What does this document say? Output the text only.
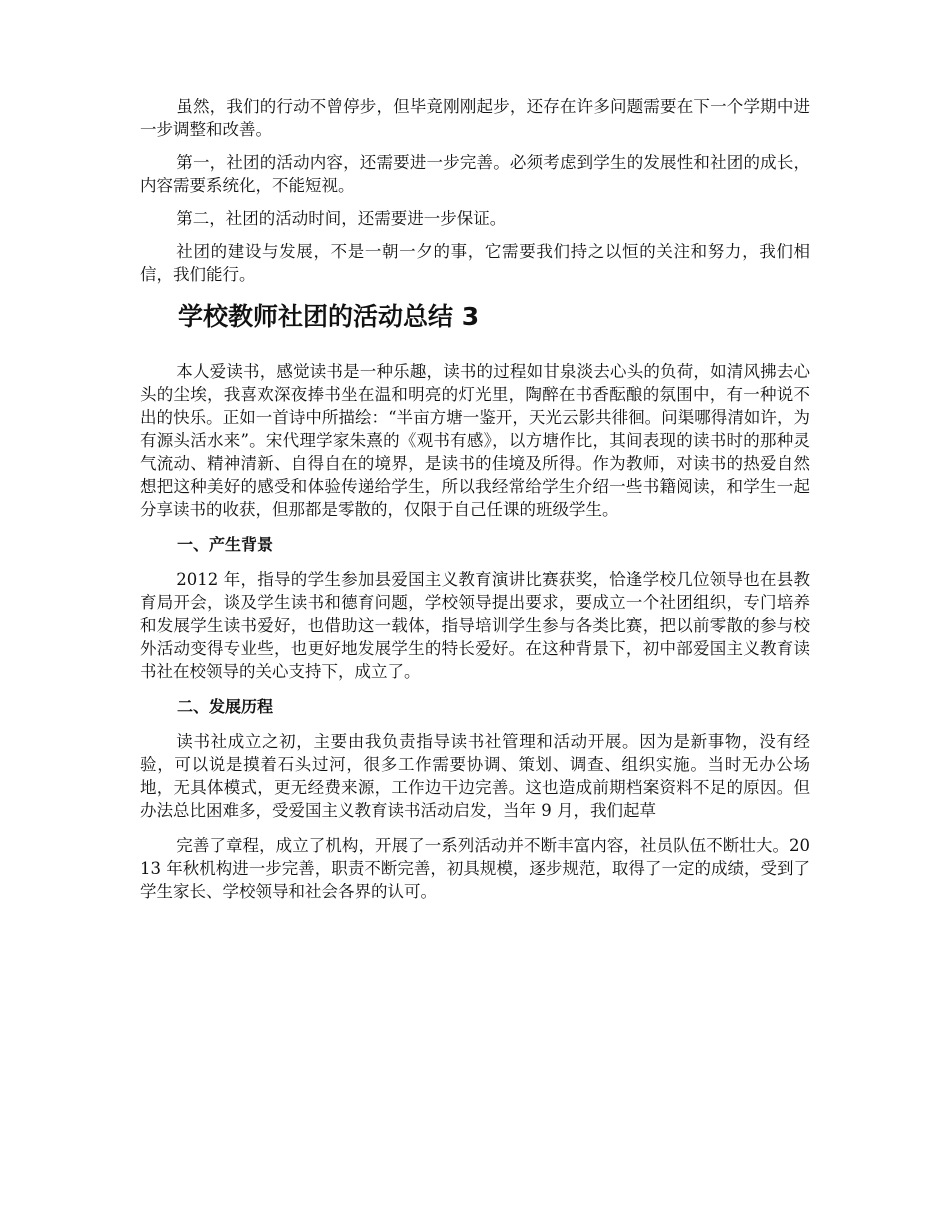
虽然，我们的行动不曾停步，但毕竟刚刚起步，还存在许多问题需要在下一个学期中进一步调整和改善。

第一，社团的活动内容，还需要进一步完善。必须考虑到学生的发展性和社团的成长，内容需要系统化，不能短视。

第二，社团的活动时间，还需要进一步保证。

社团的建设与发展，不是一朝一夕的事，它需要我们持之以恒的关注和努力，我们相信，我们能行。

学校教师社团的活动总结 3

本人爱读书，感觉读书是一种乐趣，读书的过程如甘泉淡去心头的负荷，如清风拂去心头的尘埃，我喜欢深夜捧书坐在温和明亮的灯光里，陶醉在书香酝酿的氛围中，有一种说不出的快乐。正如一首诗中所描绘：“半亩方塘一鉴开，天光云影共徘徊。问渠哪得清如许，为有源头活水来”。宋代理学家朱熹的《观书有感》，以方塘作比，其间表现的读书时的那种灵气流动、精神清新、自得自在的境界，是读书的佳境及所得。作为教师，对读书的热爱自然想把这种美好的感受和体验传递给学生，所以我经常给学生介绍一些书籍阅读，和学生一起分享读书的收获，但那都是零散的，仅限于自己任课的班级学生。

一、产生背景

2012 年，指导的学生参加县爱国主义教育演讲比赛获奖，恰逢学校几位领导也在县教育局开会，谈及学生读书和德育问题，学校领导提出要求，要成立一个社团组织，专门培养和发展学生读书爱好，也借助这一载体，指导培训学生参与各类比赛，把以前零散的参与校外活动变得专业些，也更好地发展学生的特长爱好。在这种背景下，初中部爱国主义教育读书社在校领导的关心支持下，成立了。

二、发展历程

读书社成立之初，主要由我负责指导读书社管理和活动开展。因为是新事物，没有经验，可以说是摸着石头过河，很多工作需要协调、策划、调查、组织实施。当时无办公场地，无具体模式，更无经费来源，工作边干边完善。这也造成前期档案资料不足的原因。但办法总比困难多，受爱国主义教育读书活动启发，当年 9 月，我们起草

完善了章程，成立了机构，开展了一系列活动并不断丰富内容，社员队伍不断壮大。2013 年秋机构进一步完善，职责不断完善，初具规模，逐步规范，取得了一定的成绩，受到了学生家长、学校领导和社会各界的认可。
